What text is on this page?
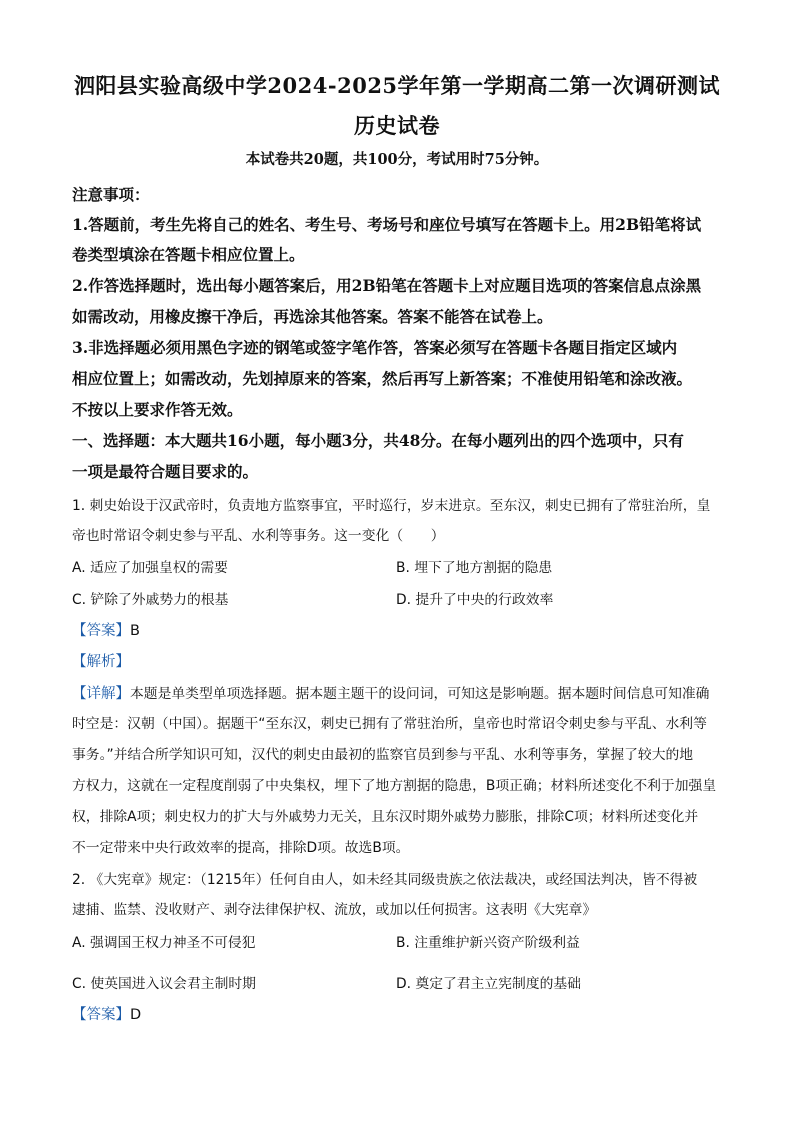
泗阳县实验高级中学2024-2025学年第一学期高二第一次调研测试
历史试卷
本试卷共20题，共100分，考试用时75分钟。
注意事项：
1.答题前，考生先将自己的姓名、考生号、考场号和座位号填写在答题卡上。用2B铅笔将试
卷类型填涂在答题卡相应位置上。
2.作答选择题时，选出每小题答案后，用2B铅笔在答题卡上对应题目选项的答案信息点涂黑
如需改动，用橡皮擦干净后，再选涂其他答案。答案不能答在试卷上。
3.非选择题必须用黑色字迹的钢笔或签字笔作答，答案必须写在答题卡各题目指定区域内
相应位置上；如需改动，先划掉原来的答案，然后再写上新答案；不准使用铅笔和涂改液。
不按以上要求作答无效。
一、选择题：本大题共16小题，每小题3分，共48分。在每小题列出的四个选项中，只有
一项是最符合题目要求的。
1. 刺史始设于汉武帝时，负责地方监察事宜，平时巡行，岁末进京。至东汉，刺史已拥有了常驻治所，皇
帝也时常诏令刺史参与平乱、水利等事务。这一变化（　　）
A. 适应了加强皇权的需要	B. 埋下了地方割据的隐患
C. 铲除了外戚势力的根基	D. 提升了中央的行政效率
【答案】B
【解析】
【详解】本题是单类型单项选择题。据本题主题干的设问词，可知这是影响题。据本题时间信息可知准确
时空是：汉朝（中国）。据题干“至东汉，刺史已拥有了常驻治所，皇帝也时常诏令刺史参与平乱、水利等
事务。”并结合所学知识可知，汉代的刺史由最初的监察官员到参与平乱、水利等事务，掌握了较大的地
方权力，这就在一定程度削弱了中央集权，埋下了地方割据的隐患，B项正确；材料所述变化不利于加强皇
权，排除A项；刺史权力的扩大与外戚势力无关，且东汉时期外戚势力膨胀，排除C项；材料所述变化并
不一定带来中央行政效率的提高，排除D项。故选B项。
2. 《大宪章》规定：（1215年）任何自由人，如未经其同级贵族之依法裁决，或经国法判决，皆不得被
逮捕、监禁、没收财产、剥夺法律保护权、流放，或加以任何损害。这表明《大宪章》
A. 强调国王权力神圣不可侵犯	B. 注重维护新兴资产阶级利益
C. 使英国进入议会君主制时期	D. 奠定了君主立宪制度的基础
【答案】D
